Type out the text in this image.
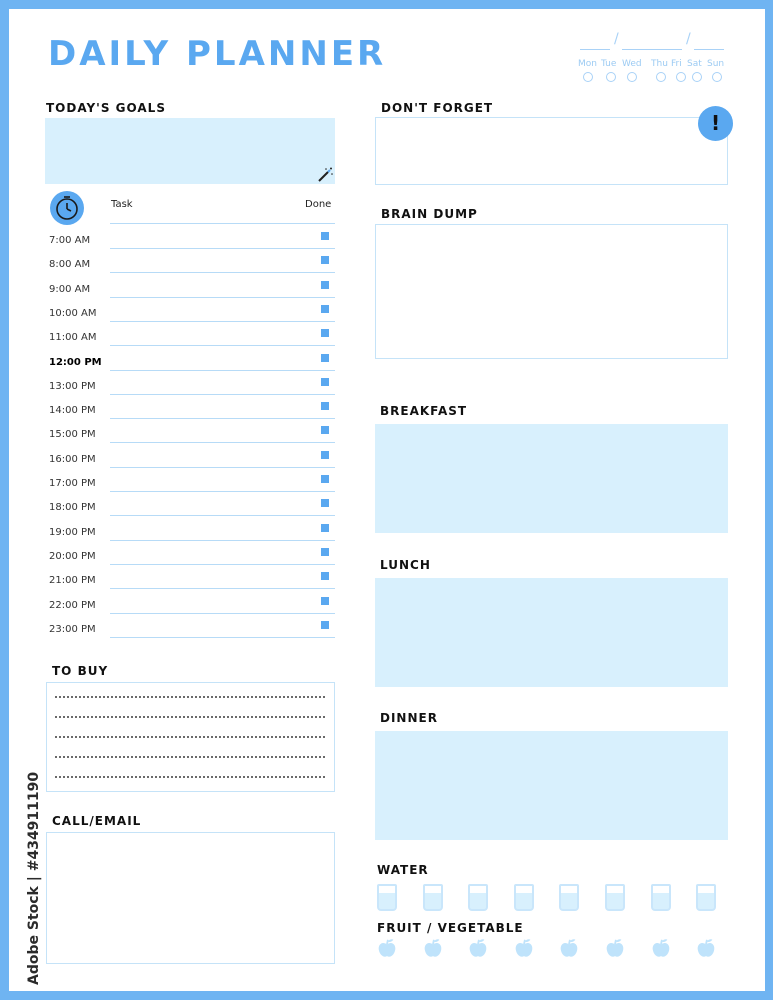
DAILY PLANNER	/	/
Mon Tue Wed Thu Fri Sat Sun
TODAY'S GOALS
Task	Done
7:00 AM
8:00 AM
9:00 AM
10:00 AM
11:00 AM
12:00 PM
13:00 PM
14:00 PM
15:00 PM
16:00 PM
17:00 PM
18:00 PM
19:00 PM
20:00 PM
21:00 PM
22:00 PM
23:00 PM
TO BUY
CALL/EMAIL
DON'T FORGET
!
BRAIN DUMP
BREAKFAST
LUNCH
DINNER
WATER
FRUIT / VEGETABLE
Adobe Stock | #434911190
